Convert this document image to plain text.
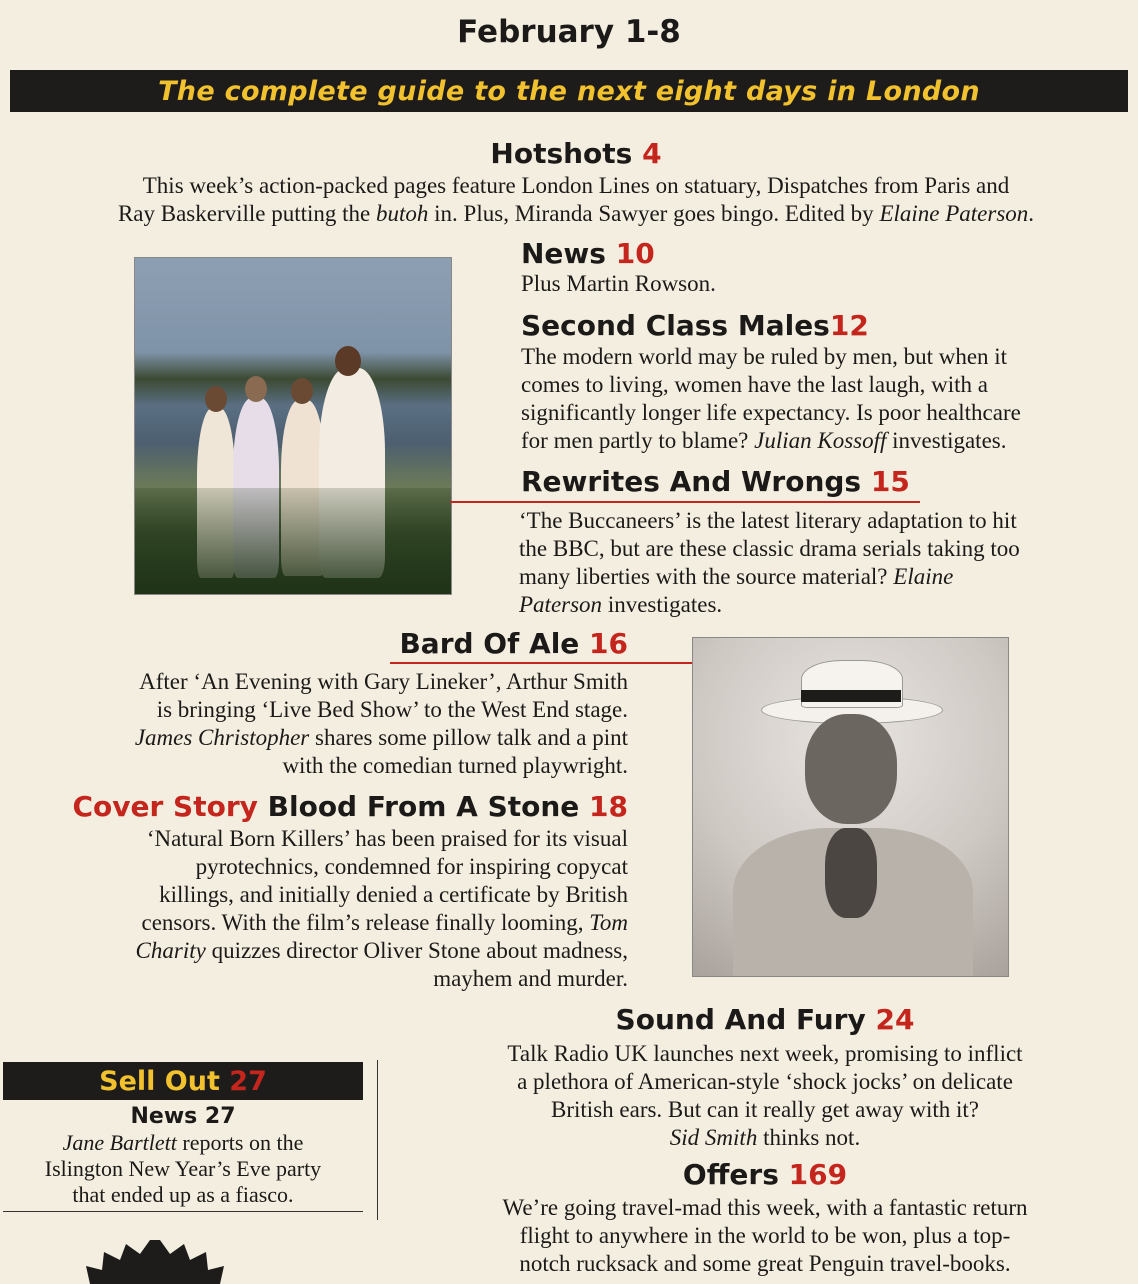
February 1-8
The complete guide to the next eight days in London
Hotshots 4
This week’s action-packed pages feature London Lines on statuary, Dispatches from Paris and
Ray Baskerville putting the butoh in. Plus, Miranda Sawyer goes bingo. Edited by Elaine Paterson.
News 10
Plus Martin Rowson.
Second Class Males12
The modern world may be ruled by men, but when it
comes to living, women have the last laugh, with a
significantly longer life expectancy. Is poor healthcare
for men partly to blame? Julian Kossoff investigates.
Rewrites And Wrongs 15
‘The Buccaneers’ is the latest literary adaptation to hit
the BBC, but are these classic drama serials taking too
many liberties with the source material? Elaine
Paterson investigates.
Bard Of Ale 16
After ‘An Evening with Gary Lineker’, Arthur Smith
is bringing ‘Live Bed Show’ to the West End stage.
James Christopher shares some pillow talk and a pint
with the comedian turned playwright.
Cover Story Blood From A Stone 18
‘Natural Born Killers’ has been praised for its visual
pyrotechnics, condemned for inspiring copycat
killings, and initially denied a certificate by British
censors. With the film’s release finally looming, Tom
Charity quizzes director Oliver Stone about madness,
mayhem and murder.
Sound And Fury 24
Talk Radio UK launches next week, promising to inflict
a plethora of American-style ‘shock jocks’ on delicate
British ears. But can it really get away with it?
Sid Smith thinks not.
Offers 169
We’re going travel-mad this week, with a fantastic return
flight to anywhere in the world to be won, plus a top-
notch rucksack and some great Penguin travel-books.
Sell Out 27
News 27
Jane Bartlett reports on the
Islington New Year’s Eve party
that ended up as a fiasco.
